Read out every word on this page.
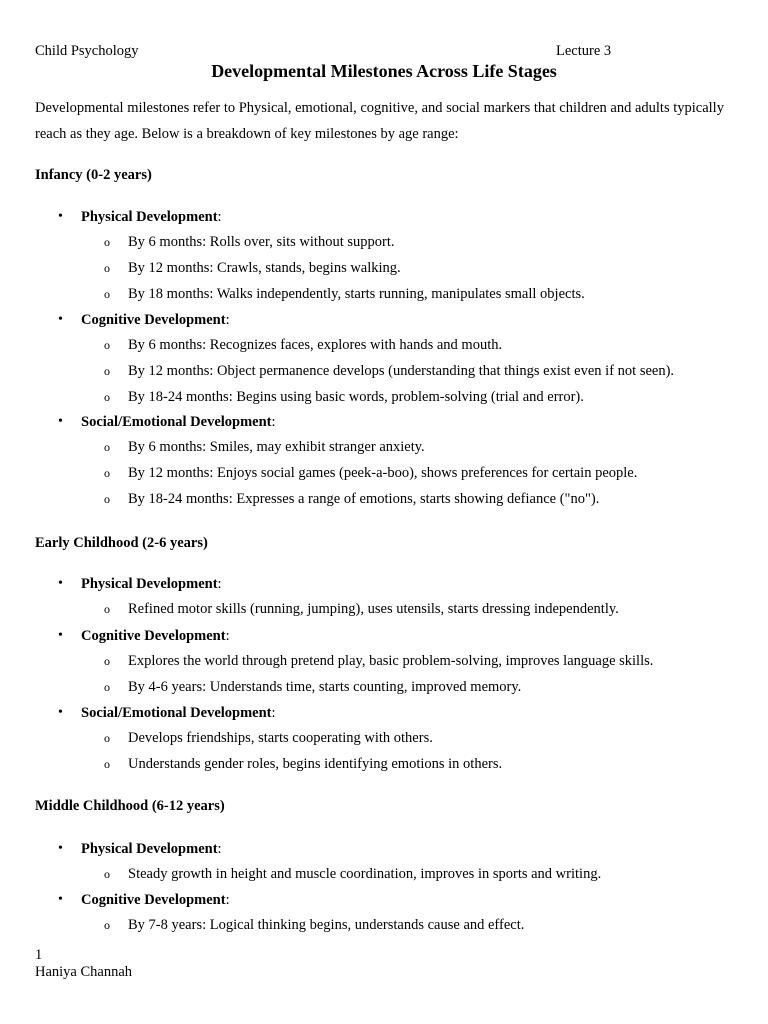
Child Psychology	Lecture 3
Developmental Milestones Across Life Stages
Developmental milestones refer to Physical, emotional, cognitive, and social markers that children and adults typically reach as they age. Below is a breakdown of key milestones by age range:
Infancy (0-2 years)
• Physical Development:
o By 6 months: Rolls over, sits without support.
o By 12 months: Crawls, stands, begins walking.
o By 18 months: Walks independently, starts running, manipulates small objects.
• Cognitive Development:
o By 6 months: Recognizes faces, explores with hands and mouth.
o By 12 months: Object permanence develops (understanding that things exist even if not seen).
o By 18-24 months: Begins using basic words, problem-solving (trial and error).
• Social/Emotional Development:
o By 6 months: Smiles, may exhibit stranger anxiety.
o By 12 months: Enjoys social games (peek-a-boo), shows preferences for certain people.
o By 18-24 months: Expresses a range of emotions, starts showing defiance ("no").
Early Childhood (2-6 years)
• Physical Development:
o Refined motor skills (running, jumping), uses utensils, starts dressing independently.
• Cognitive Development:
o Explores the world through pretend play, basic problem-solving, improves language skills.
o By 4-6 years: Understands time, starts counting, improved memory.
• Social/Emotional Development:
o Develops friendships, starts cooperating with others.
o Understands gender roles, begins identifying emotions in others.
Middle Childhood (6-12 years)
• Physical Development:
o Steady growth in height and muscle coordination, improves in sports and writing.
• Cognitive Development:
o By 7-8 years: Logical thinking begins, understands cause and effect.
1
Haniya Channah
